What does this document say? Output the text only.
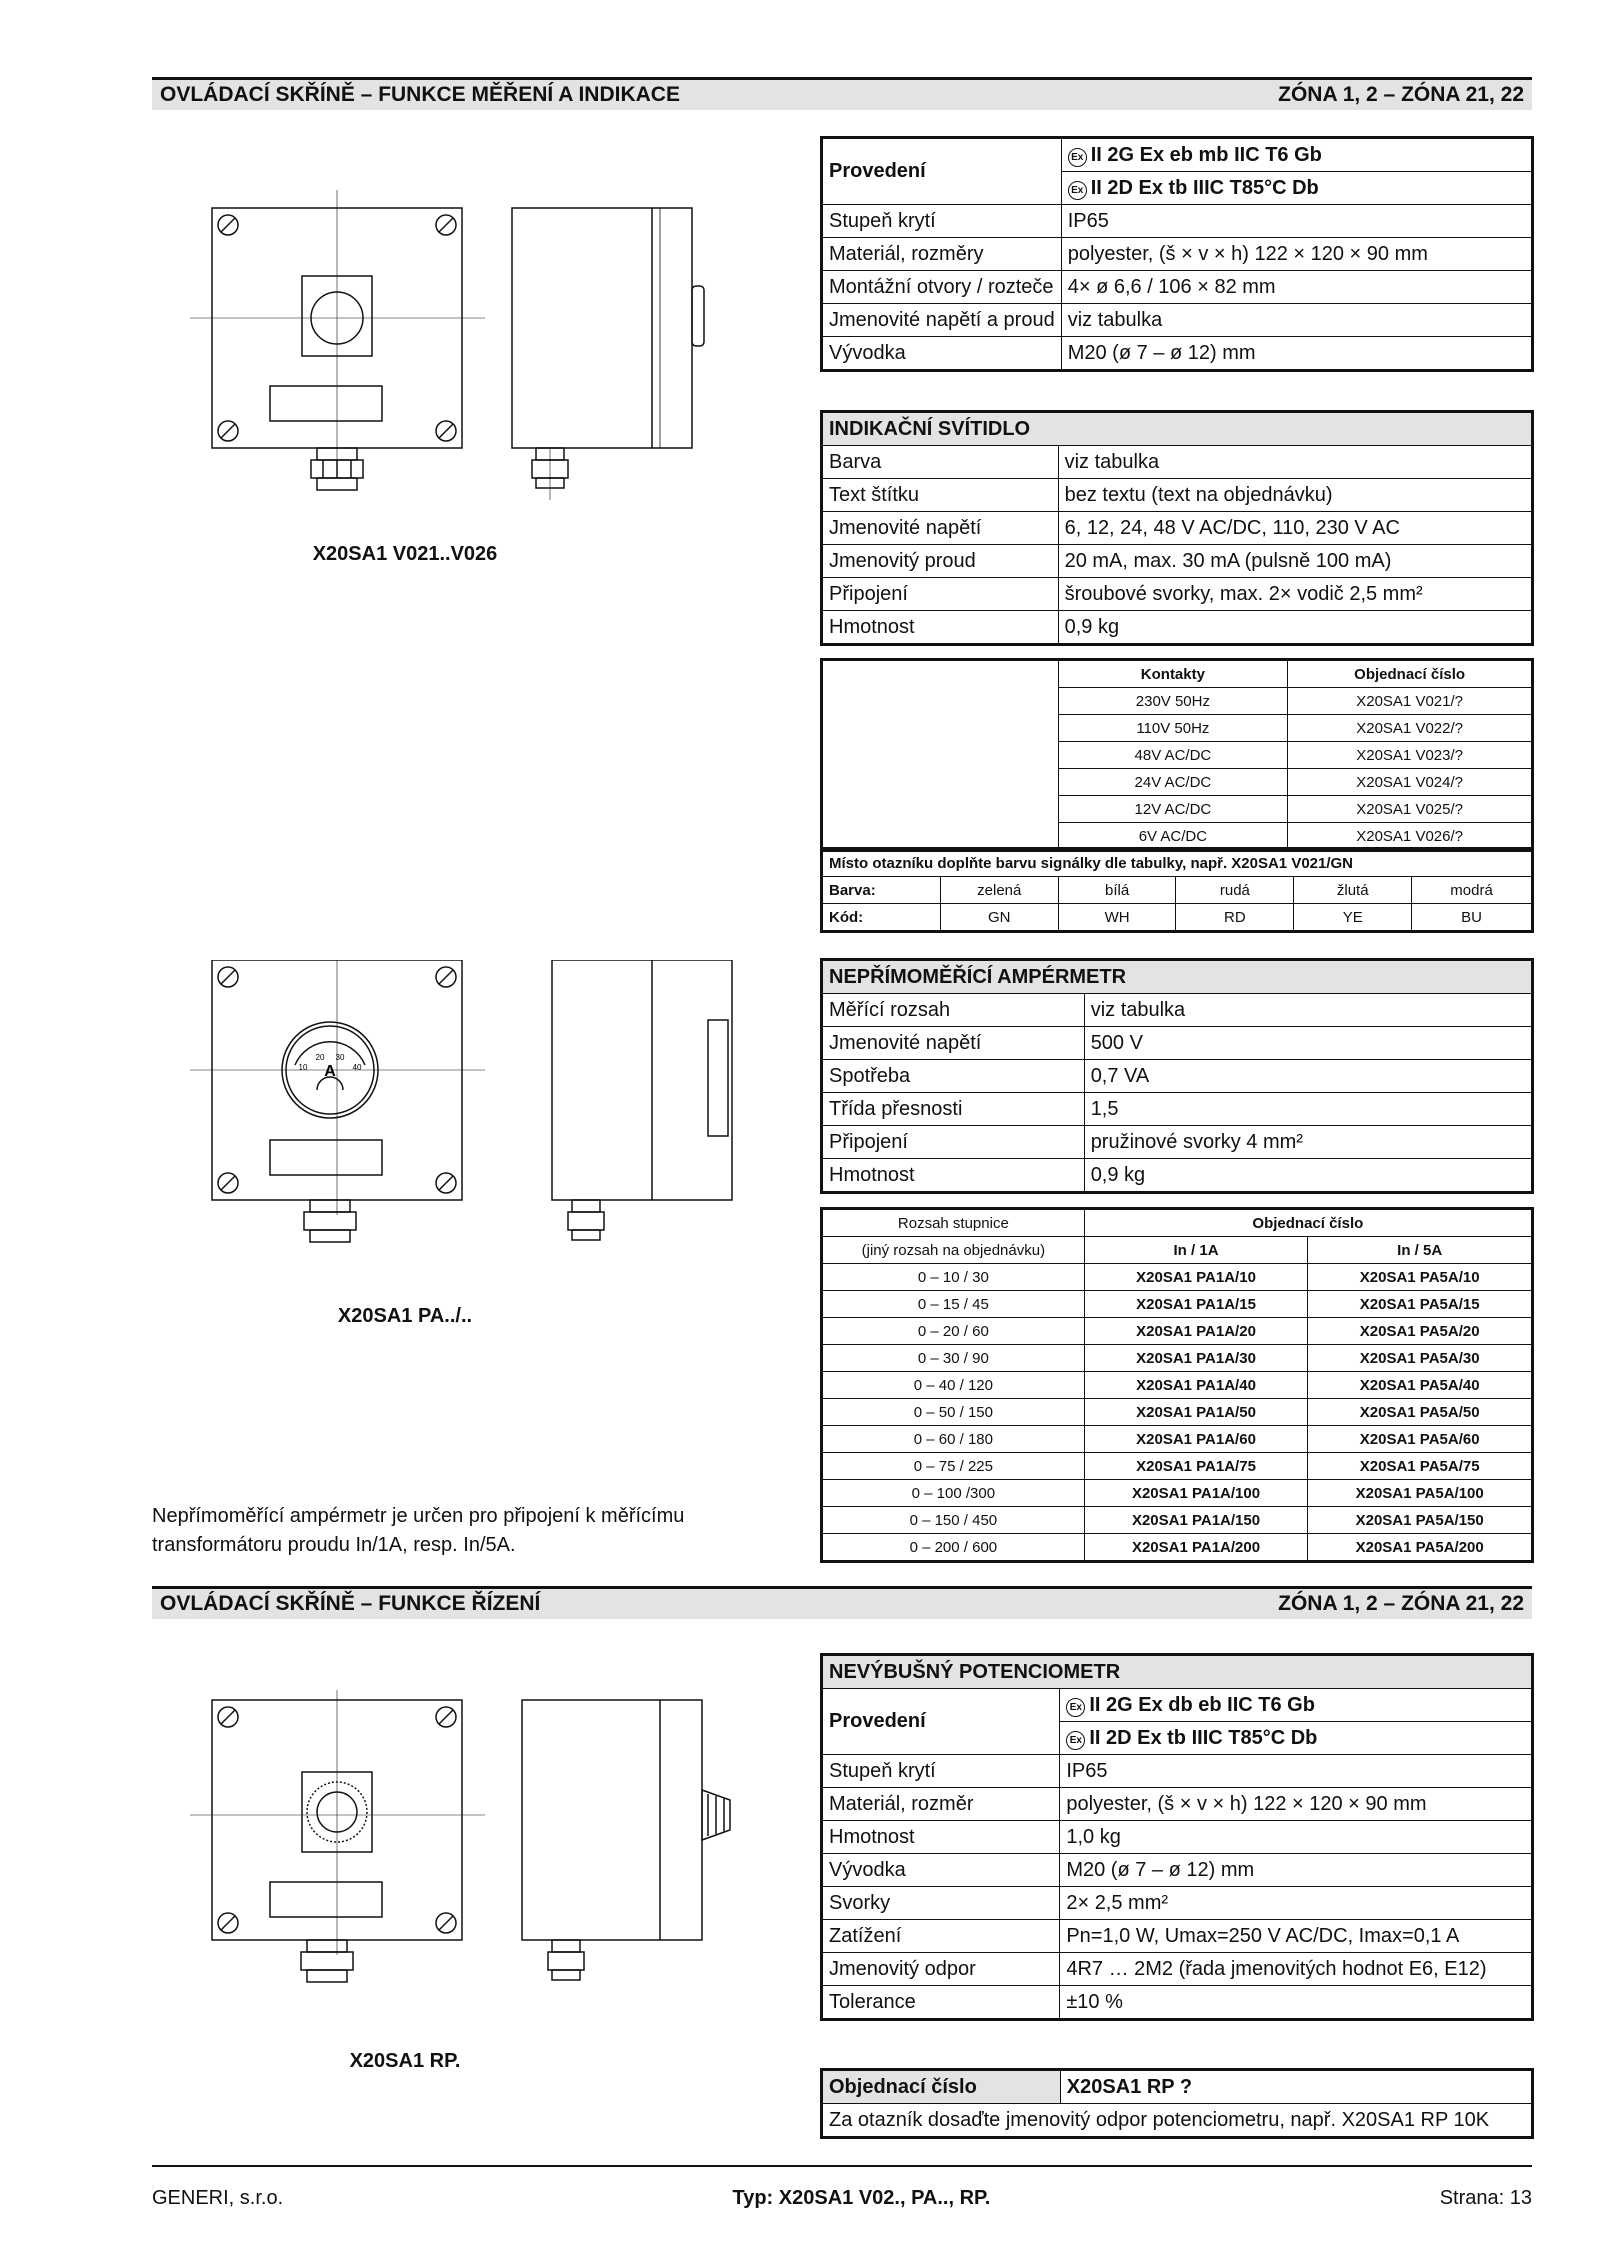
OVLÁDACÍ SKŘÍNĚ – FUNKCE MĚŘENÍ A INDIKACE	ZÓNA 1, 2 – ZÓNA 21, 22
X20SA1 V021..V026
Provedení	Ex II 2G Ex eb mb IIC T6 Gb
	Ex II 2D Ex tb IIIC T85°C Db
Stupeň krytí	IP65
Materiál, rozměry	polyester, (š × v × h) 122 × 120 × 90 mm
Montážní otvory / rozteče	4× ø 6,6 / 106 × 82 mm
Jmenovité napětí a proud	viz tabulka
Vývodka	M20 (ø 7 – ø 12) mm
INDIKAČNÍ SVÍTIDLO	
Barva	viz tabulka
Text štítku	bez textu (text na objednávku)
Jmenovité napětí	6, 12, 24, 48 V AC/DC, 110, 230 V AC
Jmenovitý proud	20 mA, max. 30 mA (pulsně 100 mA)
Připojení	šroubové svorky, max. 2× vodič 2,5 mm²
Hmotnost	0,9 kg
	Kontakty	Objednací číslo
	230V 50Hz	X20SA1 V021/?
	110V 50Hz	X20SA1 V022/?
	48V AC/DC	X20SA1 V023/?
	24V AC/DC	X20SA1 V024/?
	12V AC/DC	X20SA1 V025/?
	6V AC/DC	X20SA1 V026/?
Místo otazníku doplňte barvu signálky dle tabulky, např. X20SA1 V021/GN					
Barva:	zelená	bílá	rudá	žlutá	modrá
Kód:	GN	WH	RD	YE	BU
A
10
20 30
40
X20SA1 PA../..
NEPŘÍMOMĚŘÍCÍ AMPÉRMETR	
Měřící rozsah	viz tabulka
Jmenovité napětí	500 V
Spotřeba	0,7 VA
Třída přesnosti	1,5
Připojení	pružinové svorky 4 mm²
Hmotnost	0,9 kg
Rozsah stupnice	Objednací číslo	
(jiný rozsah na objednávku)	In / 1A	In / 5A
0 – 10 / 30	X20SA1 PA1A/10	X20SA1 PA5A/10
0 – 15 / 45	X20SA1 PA1A/15	X20SA1 PA5A/15
0 – 20 / 60	X20SA1 PA1A/20	X20SA1 PA5A/20
0 – 30 / 90	X20SA1 PA1A/30	X20SA1 PA5A/30
0 – 40 / 120	X20SA1 PA1A/40	X20SA1 PA5A/40
0 – 50 / 150	X20SA1 PA1A/50	X20SA1 PA5A/50
0 – 60 / 180	X20SA1 PA1A/60	X20SA1 PA5A/60
0 – 75 / 225	X20SA1 PA1A/75	X20SA1 PA5A/75
0 – 100 /300	X20SA1 PA1A/100	X20SA1 PA5A/100
0 – 150 / 450	X20SA1 PA1A/150	X20SA1 PA5A/150
0 – 200 / 600	X20SA1 PA1A/200	X20SA1 PA5A/200
Nepřímoměřící ampérmetr je určen pro připojení k měřícímu transformátoru proudu In/1A, resp. In/5A.
OVLÁDACÍ SKŘÍNĚ – FUNKCE ŘÍZENÍ	ZÓNA 1, 2 – ZÓNA 21, 22
X20SA1 RP.
NEVÝBUŠNÝ POTENCIOMETR	
Provedení	Ex II 2G Ex db eb IIC T6 Gb
	Ex II 2D Ex tb IIIC T85°C Db
Stupeň krytí	IP65
Materiál, rozměr	polyester, (š × v × h) 122 × 120 × 90 mm
Hmotnost	1,0 kg
Vývodka	M20 (ø 7 – ø 12) mm
Svorky	2× 2,5 mm²
Zatížení	Pn=1,0 W, Umax=250 V AC/DC, Imax=0,1 A
Jmenovitý odpor	4R7 … 2M2 (řada jmenovitých hodnot E6, E12)
Tolerance	±10 %
Objednací číslo	X20SA1 RP ?
Za otazník dosaďte jmenovitý odpor potenciometru, např. X20SA1 RP 10K
GENERI, s.r.o.	Typ: X20SA1 V02., PA.., RP.	Strana: 13
